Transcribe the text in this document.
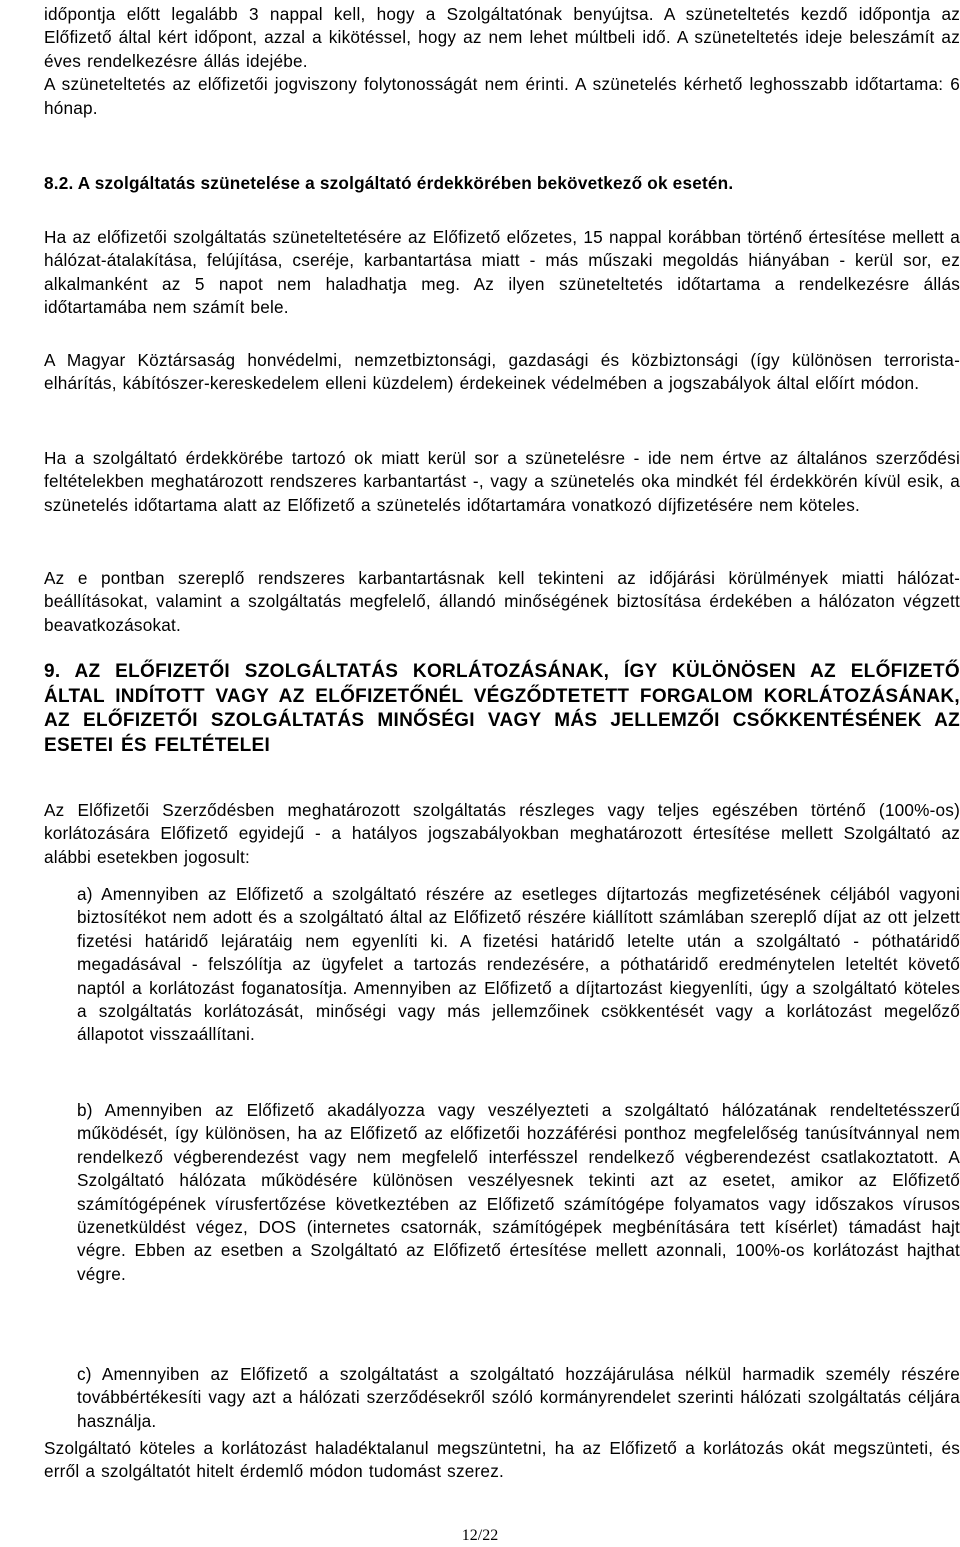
időpontja előtt legalább 3 nappal kell, hogy a Szolgáltatónak benyújtsa. A szüneteltetés kezdő időpontja az Előfizető által kért időpont, azzal a kikötéssel, hogy az nem lehet múltbeli idő. A szüneteltetés ideje beleszámít az éves rendelkezésre állás idejébe.
A szüneteltetés az előfizetői jogviszony folytonosságát nem érinti. A szünetelés kérhető leghosszabb időtartama: 6 hónap.

8.2. A szolgáltatás szünetelése a szolgáltató érdekkörében bekövetkező ok esetén.

Ha az előfizetői szolgáltatás szüneteltetésére az Előfizető előzetes, 15 nappal korábban történő értesítése mellett a hálózat-átalakítása, felújítása, cseréje, karbantartása miatt - más műszaki megoldás hiányában - kerül sor, ez alkalmanként az 5 napot nem haladhatja meg. Az ilyen szüneteltetés időtartama a rendelkezésre állás időtartamába nem számít bele.

A Magyar Köztársaság honvédelmi, nemzetbiztonsági, gazdasági és közbiztonsági (így különösen terrorista-elhárítás, kábítószer-kereskedelem elleni küzdelem) érdekeinek védelmében a jogszabályok által előírt módon.

Ha a szolgáltató érdekkörébe tartozó ok miatt kerül sor a szünetelésre - ide nem értve az általános szerződési feltételekben meghatározott rendszeres karbantartást -, vagy a szünetelés oka mindkét fél érdekkörén kívül esik, a szünetelés időtartama alatt az Előfizető a szünetelés időtartamára vonatkozó díjfizetésére nem köteles.

Az e pontban szereplő rendszeres karbantartásnak kell tekinteni az időjárási körülmények miatti hálózat-beállításokat, valamint a szolgáltatás megfelelő, állandó minőségének biztosítása érdekében a hálózaton végzett beavatkozásokat.

9. AZ ELŐFIZETŐI SZOLGÁLTATÁS KORLÁTOZÁSÁNAK, ÍGY KÜLÖNÖSEN AZ ELŐFIZETŐ ÁLTAL INDÍTOTT VAGY AZ ELŐFIZETŐNÉL VÉGZŐDTETETT FORGALOM KORLÁTOZÁSÁNAK, AZ ELŐFIZETŐI SZOLGÁLTATÁS MINŐSÉGI VAGY MÁS JELLEMZŐI CSŐKKENTÉSÉNEK AZ ESETEI ÉS FELTÉTELEI

Az Előfizetői Szerződésben meghatározott szolgáltatás részleges vagy teljes egészében történő (100%-os) korlátozására Előfizető egyidejű - a hatályos jogszabályokban meghatározott értesítése mellett Szolgáltató az alábbi esetekben jogosult:

a) Amennyiben az Előfizető a szolgáltató részére az esetleges díjtartozás megfizetésének céljából vagyoni biztosítékot nem adott és a szolgáltató által az Előfizető részére kiállított számlában szereplő díjat az ott jelzett fizetési határidő lejáratáig nem egyenlíti ki. A fizetési határidő letelte után a szolgáltató - póthatáridő megadásával - felszólítja az ügyfelet a tartozás rendezésére, a póthatáridő eredménytelen leteltét követő naptól a korlátozást foganatosítja. Amennyiben az Előfizető a díjtartozást kiegyenlíti, úgy a szolgáltató köteles a szolgáltatás korlátozását, minőségi vagy más jellemzőinek csökkentését vagy a korlátozást megelőző állapotot visszaállítani.

b) Amennyiben az Előfizető akadályozza vagy veszélyezteti a szolgáltató hálózatának rendeltetésszerű működését, így különösen, ha az Előfizető az előfizetői hozzáférési ponthoz megfelelőség tanúsítvánnyal nem rendelkező végberendezést vagy nem megfelelő interfésszel rendelkező végberendezést csatlakoztatott. A Szolgáltató hálózata működésére különösen veszélyesnek tekinti azt az esetet, amikor az Előfizető számítógépének vírusfertőzése következtében az Előfizető számítógépe folyamatos vagy időszakos vírusos üzenetküldést végez, DOS (internetes csatornák, számítógépek megbénítására tett kísérlet) támadást hajt végre. Ebben az esetben a Szolgáltató az Előfizető értesítése mellett azonnali, 100%-os korlátozást hajthat végre.

c) Amennyiben az Előfizető a szolgáltatást a szolgáltató hozzájárulása nélkül harmadik személy részére továbbértékesíti vagy azt a hálózati szerződésekről szóló kormányrendelet szerinti hálózati szolgáltatás céljára használja.

Szolgáltató köteles a korlátozást haladéktalanul megszüntetni, ha az Előfizető a korlátozás okát megszünteti, és erről a szolgáltatót hitelt érdemlő módon tudomást szerez.

12/22
